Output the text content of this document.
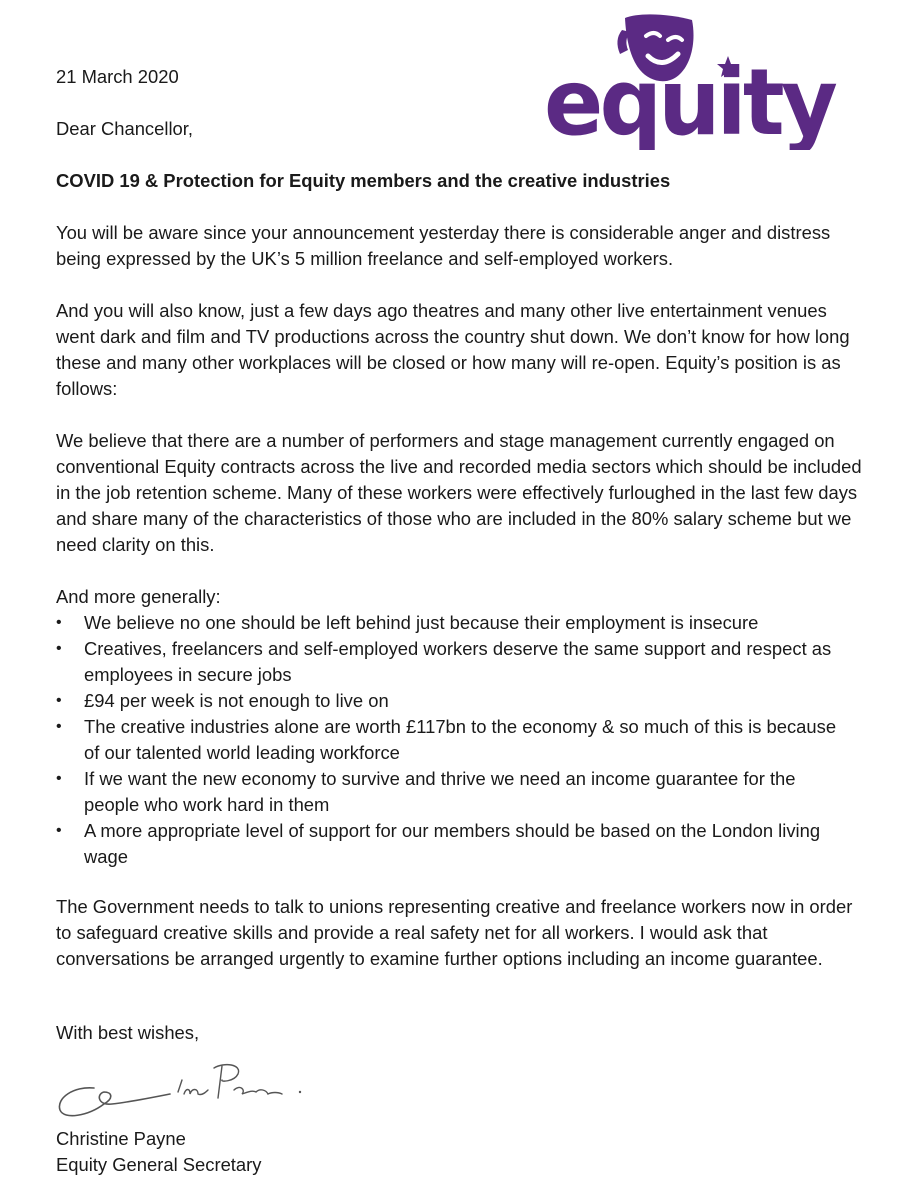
equity

21 March 2020

Dear Chancellor,

COVID 19 & Protection for Equity members and the creative industries

You will be aware since your announcement yesterday there is considerable anger and distress being expressed by the UK’s 5 million freelance and self-employed workers.

And you will also know, just a few days ago theatres and many other live entertainment venues went dark and film and TV productions across the country shut down. We don’t know for how long these and many other workplaces will be closed or how many will re-open. Equity’s position is as follows:

We believe that there are a number of performers and stage management currently engaged on conventional Equity contracts across the live and recorded media sectors which should be included in the job retention scheme. Many of these workers were effectively furloughed in the last few days and share many of the characteristics of those who are included in the 80% salary scheme but we need clarity on this.

And more generally:

• We believe no one should be left behind just because their employment is insecure
• Creatives, freelancers and self-employed workers deserve the same support and respect as employees in secure jobs
• £94 per week is not enough to live on
• The creative industries alone are worth £117bn to the economy & so much of this is because of our talented world leading workforce
• If we want the new economy to survive and thrive we need an income guarantee for the people who work hard in them
• A more appropriate level of support for our members should be based on the London living wage

The Government needs to talk to unions representing creative and freelance workers now in order to safeguard creative skills and provide a real safety net for all workers. I would ask that conversations be arranged urgently to examine further options including an income guarantee.

With best wishes,

Christine Payne

Equity General Secretary
